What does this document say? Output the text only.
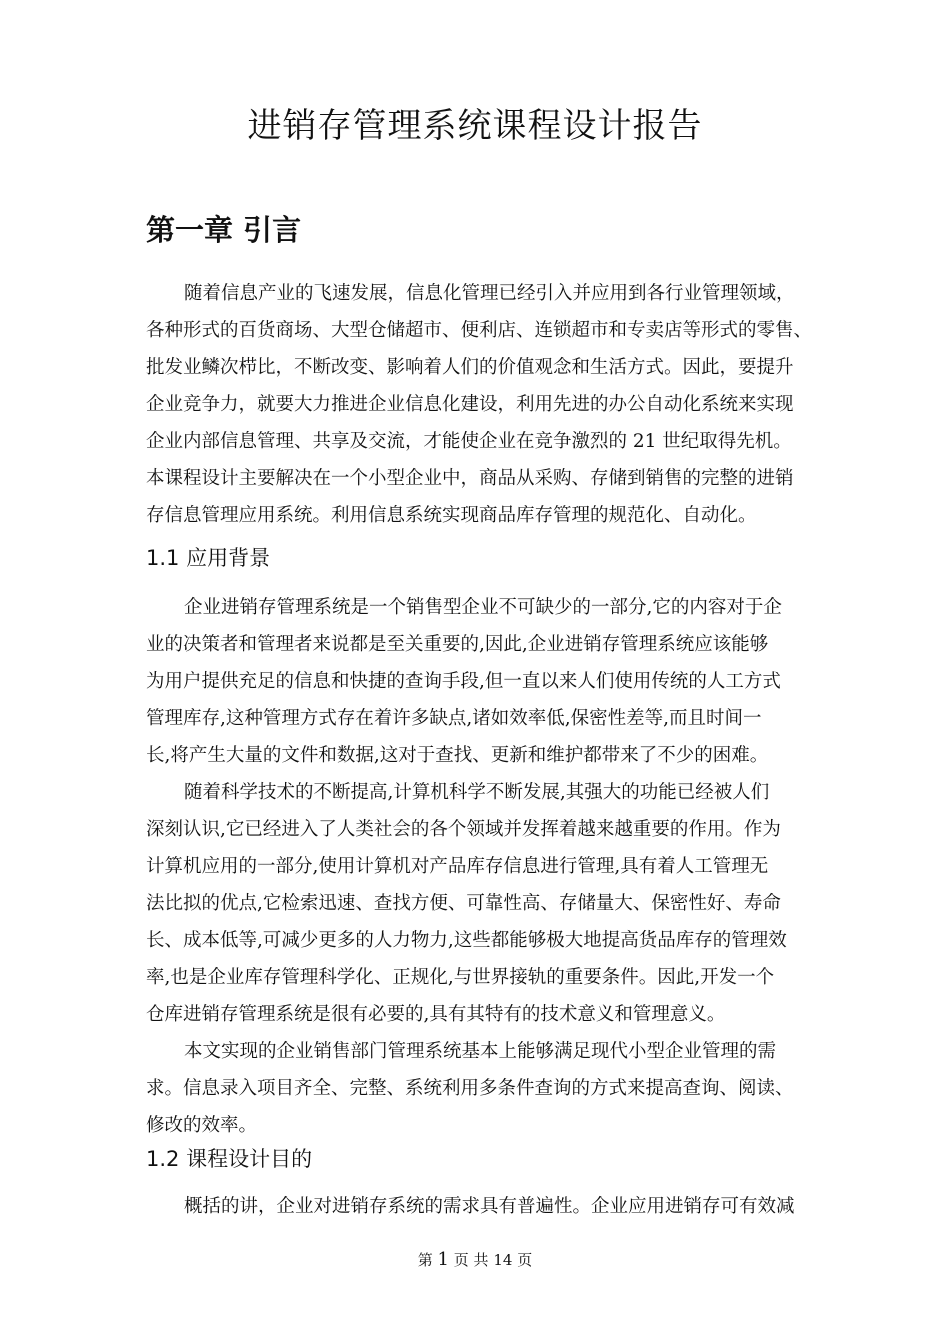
进销存管理系统课程设计报告
第一章 引言

随着信息产业的飞速发展，信息化管理已经引入并应用到各行业管理领域，
各种形式的百货商场、大型仓储超市、便利店、连锁超市和专卖店等形式的零售、
批发业鳞次栉比，不断改变、影响着人们的价值观念和生活方式。因此，要提升
企业竞争力，就要大力推进企业信息化建设，利用先进的办公自动化系统来实现
企业内部信息管理、共享及交流，才能使企业在竞争激烈的 21 世纪取得先机。
本课程设计主要解决在一个小型企业中，商品从采购、存储到销售的完整的进销
存信息管理应用系统。利用信息系统实现商品库存管理的规范化、自动化。

1.1 应用背景

企业进销存管理系统是一个销售型企业不可缺少的一部分,它的内容对于企
业的决策者和管理者来说都是至关重要的,因此,企业进销存管理系统应该能够
为用户提供充足的信息和快捷的查询手段,但一直以来人们使用传统的人工方式
管理库存,这种管理方式存在着许多缺点,诸如效率低,保密性差等,而且时间一
长,将产生大量的文件和数据,这对于查找、更新和维护都带来了不少的困难。

随着科学技术的不断提高,计算机科学不断发展,其强大的功能已经被人们
深刻认识,它已经进入了人类社会的各个领域并发挥着越来越重要的作用。作为
计算机应用的一部分,使用计算机对产品库存信息进行管理,具有着人工管理无
法比拟的优点,它检索迅速、查找方便、可靠性高、存储量大、保密性好、寿命
长、成本低等,可减少更多的人力物力,这些都能够极大地提高货品库存的管理效
率,也是企业库存管理科学化、正规化,与世界接轨的重要条件。因此,开发一个
仓库进销存管理系统是很有必要的,具有其特有的技术意义和管理意义。

本文实现的企业销售部门管理系统基本上能够满足现代小型企业管理的需
求。信息录入项目齐全、完整、系统利用多条件查询的方式来提高查询、阅读、
修改的效率。

1.2 课程设计目的

概括的讲，企业对进销存系统的需求具有普遍性。企业应用进销存可有效减

第 1 页 共 14 页
